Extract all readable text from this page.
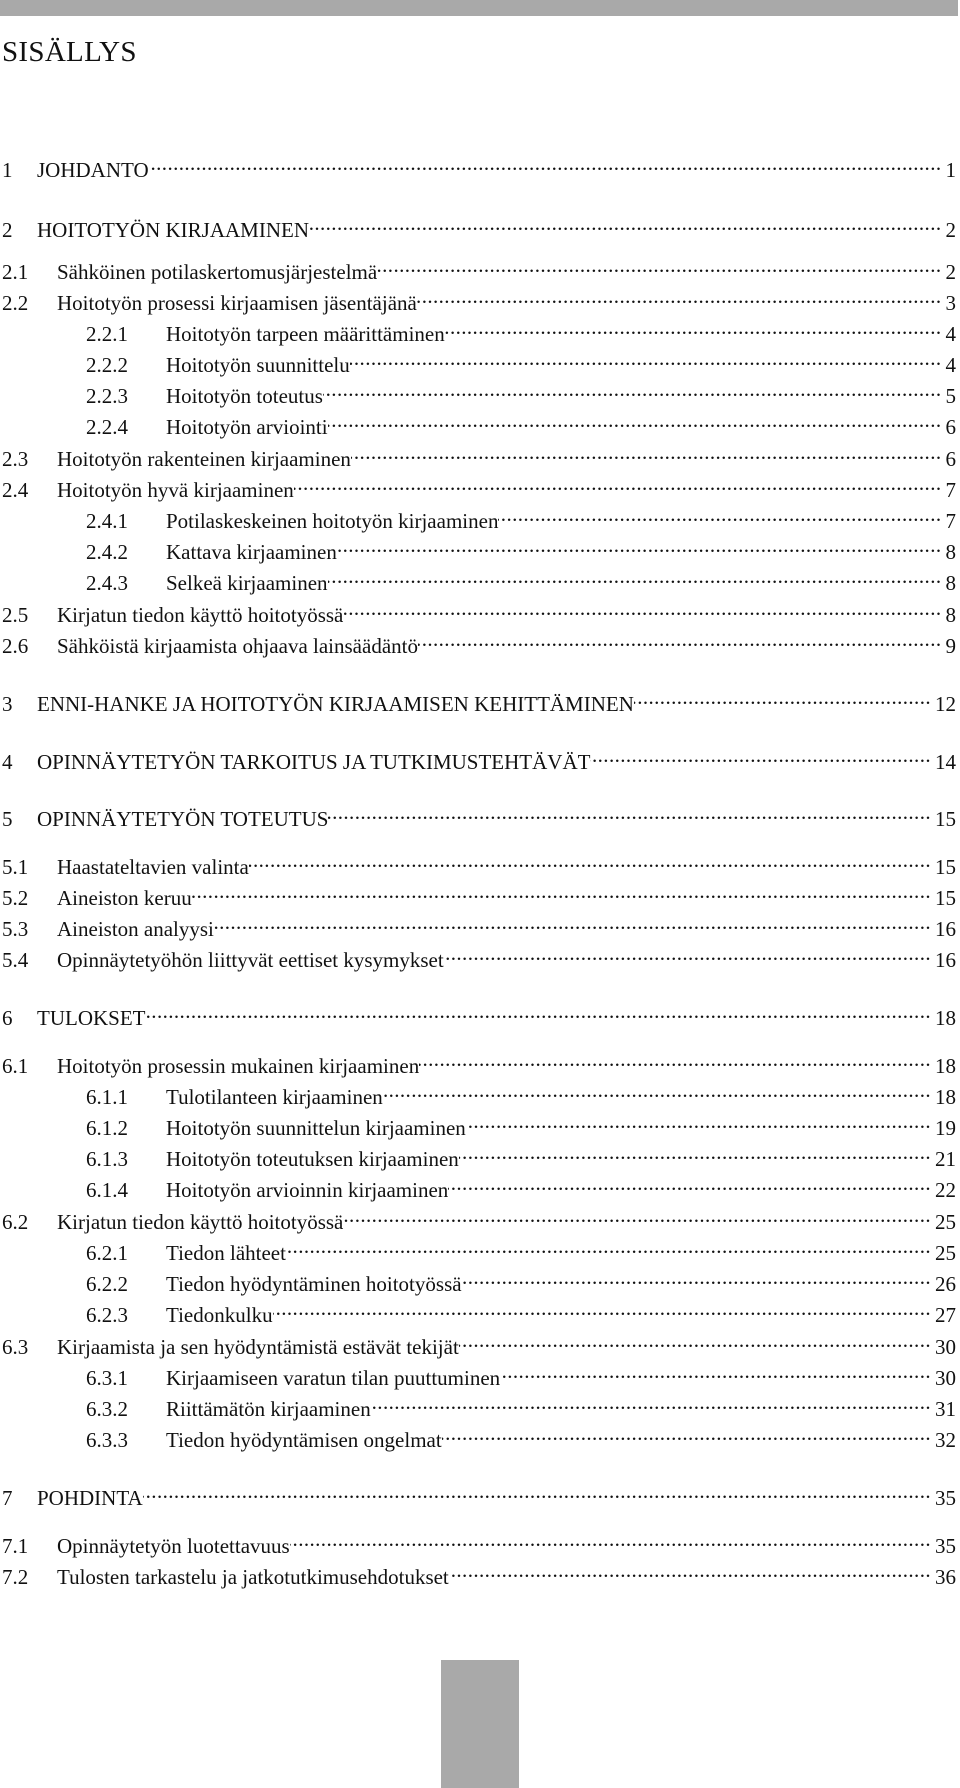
SISÄLLYS
1	JOHDANTO .....	1
2	HOITOTYÖN KIRJAAMINEN .....	2
2.1	Sähköinen potilaskertomusjärjestelmä .....	2
2.2	Hoitotyön prosessi kirjaamisen jäsentäjänä .....	3
2.2.1	Hoitotyön tarpeen määrittäminen .....	4
2.2.2	Hoitotyön suunnittelu .....	4
2.2.3	Hoitotyön toteutus .....	5
2.2.4	Hoitotyön arviointi .....	6
2.3	Hoitotyön rakenteinen kirjaaminen .....	6
2.4	Hoitotyön hyvä kirjaaminen .....	7
2.4.1	Potilaskeskeinen hoitotyön kirjaaminen .....	7
2.4.2	Kattava kirjaaminen .....	8
2.4.3	Selkeä kirjaaminen .....	8
2.5	Kirjatun tiedon käyttö hoitotyössä .....	8
2.6	Sähköistä kirjaamista ohjaava lainsäädäntö .....	9
3	ENNI-HANKE JA HOITOTYÖN KIRJAAMISEN KEHITTÄMINEN .....	12
4	OPINNÄYTETYÖN TARKOITUS JA TUTKIMUSTEHTÄVÄT .....	14
5	OPINNÄYTETYÖN TOTEUTUS .....	15
5.1	Haastateltavien valinta .....	15
5.2	Aineiston keruu .....	15
5.3	Aineiston analyysi .....	16
5.4	Opinnäytetyöhön liittyvät eettiset kysymykset .....	16
6	TULOKSET .....	18
6.1	Hoitotyön prosessin mukainen kirjaaminen .....	18
6.1.1	Tulotilanteen kirjaaminen .....	18
6.1.2	Hoitotyön suunnittelun kirjaaminen .....	19
6.1.3	Hoitotyön toteutuksen kirjaaminen .....	21
6.1.4	Hoitotyön arvioinnin kirjaaminen .....	22
6.2	Kirjatun tiedon käyttö hoitotyössä .....	25
6.2.1	Tiedon lähteet .....	25
6.2.2	Tiedon hyödyntäminen hoitotyössä .....	26
6.2.3	Tiedonkulku .....	27
6.3	Kirjaamista ja sen hyödyntämistä estävät tekijät .....	30
6.3.1	Kirjaamiseen varatun tilan puuttuminen .....	30
6.3.2	Riittämätön kirjaaminen .....	31
6.3.3	Tiedon hyödyntämisen ongelmat .....	32
7	POHDINTA .....	35
7.1	Opinnäytetyön luotettavuus .....	35
7.2	Tulosten tarkastelu ja jatkotutkimusehdotukset .....	36
